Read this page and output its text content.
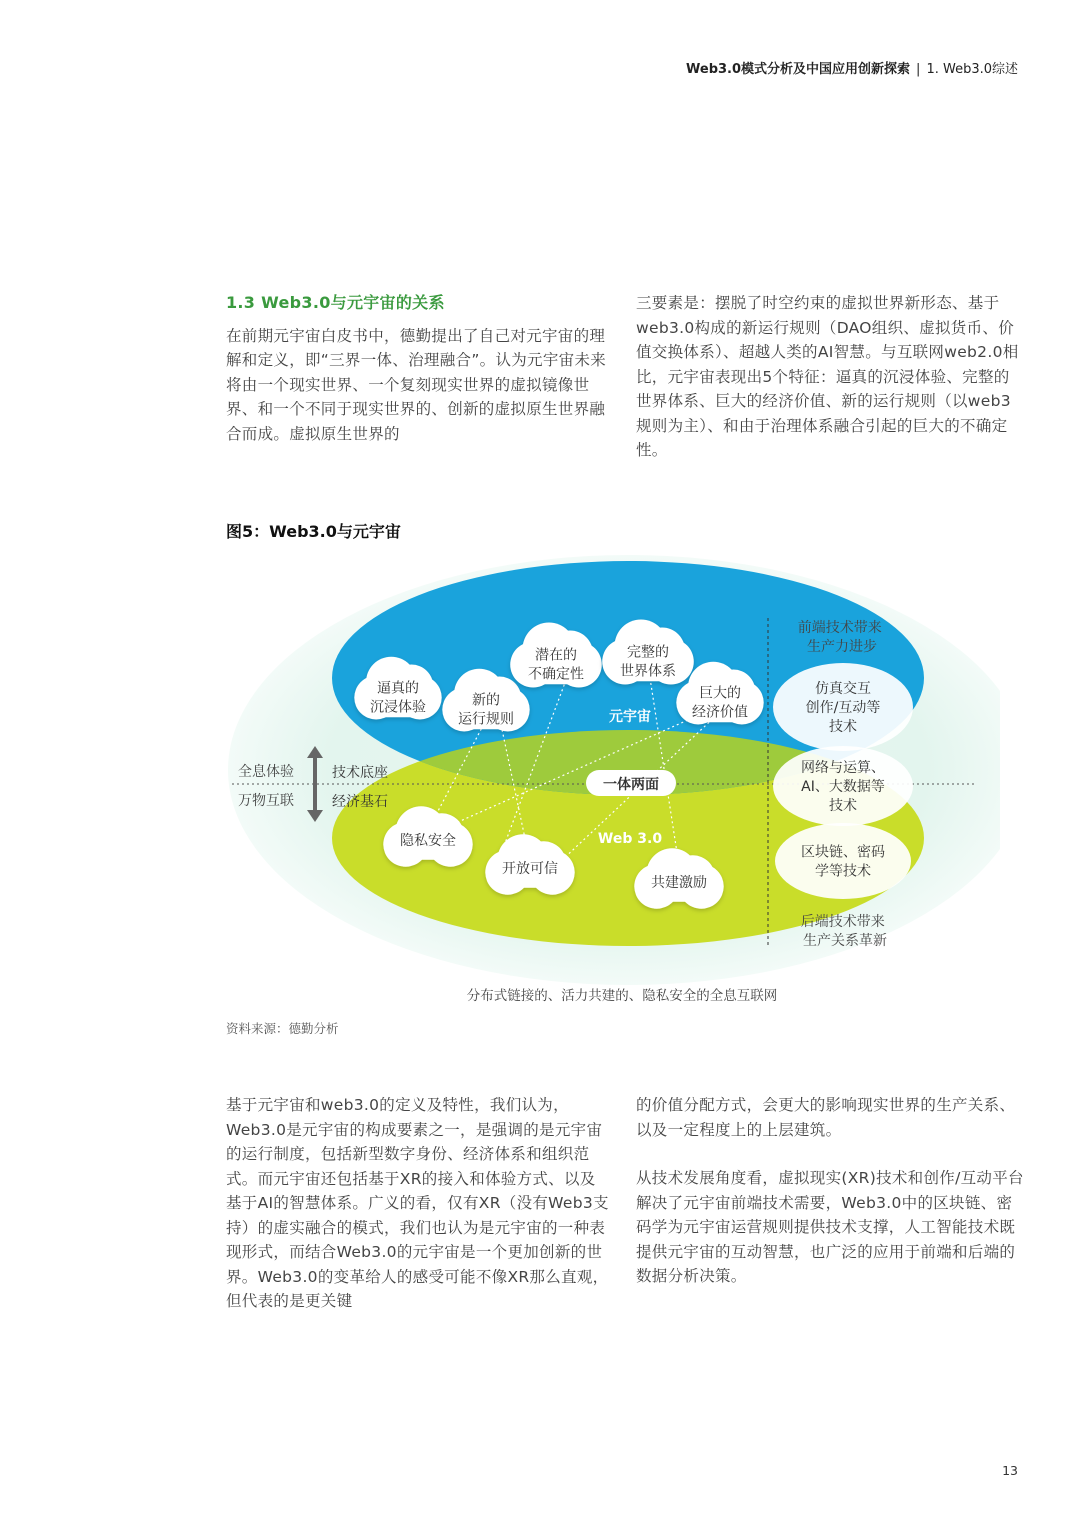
Web3.0模式分析及中国应用创新探索 | 1. Web3.0综述

1.3 Web3.0与元宇宙的关系

在前期元宇宙白皮书中，德勤提出了自己对元宇宙的理解和定义，即“三界一体、治理融合”。认为元宇宙未来将由一个现实世界、一个复刻现实世界的虚拟镜像世界、和一个不同于现实世界的、创新的虚拟原生世界融合而成。虚拟原生世界的

三要素是：摆脱了时空约束的虚拟世界新形态、基于web3.0构成的新运行规则（DAO组织、虚拟货币、价值交换体系）、超越人类的AI智慧。与互联网web2.0相比，元宇宙表现出5个特征：逼真的沉浸体验、完整的世界体系、巨大的经济价值、新的运行规则（以web3规则为主）、和由于治理体系融合引起的巨大的不确定性。

图5：Web3.0与元宇宙
全息体验
万物互联
技术底座
经济基石
元宇宙
Web 3.0
一体两面
逼真的沉浸体验	新的运行规则
潜在的不确定性
完整的世界体系
巨大的经济价值
隐私安全
开放可信
共建激励
仿真交互创作/互动等技术
网络与运算、 AI、大数据等技术
区块链、密码学等技术
前端技术带来 生产力进步
后端技术带来 生产关系革新
分布式链接的、活力共建的、隐私安全的全息互联网
资料来源：德勤分析

基于元宇宙和web3.0的定义及特性，我们认为，Web3.0是元宇宙的构成要素之一，是强调的是元宇宙的运行制度，包括新型数字身份、经济体系和组织范式。而元宇宙还包括基于XR的接入和体验方式、以及基于AI的智慧体系。广义的看，仅有XR（没有Web3支持）的虚实融合的模式，我们也认为是元宇宙的一种表现形式，而结合Web3.0的元宇宙是一个更加创新的世界。Web3.0的变革给人的感受可能不像XR那么直观，但代表的是更关键

的价值分配方式，会更大的影响现实世界的生产关系、以及一定程度上的上层建筑。

从技术发展角度看，虚拟现实(XR)技术和创作/互动平台解决了元宇宙前端技术需要，Web3.0中的区块链、密码学为元宇宙运营规则提供技术支撑，人工智能技术既提供元宇宙的互动智慧，也广泛的应用于前端和后端的数据分析决策。

13
